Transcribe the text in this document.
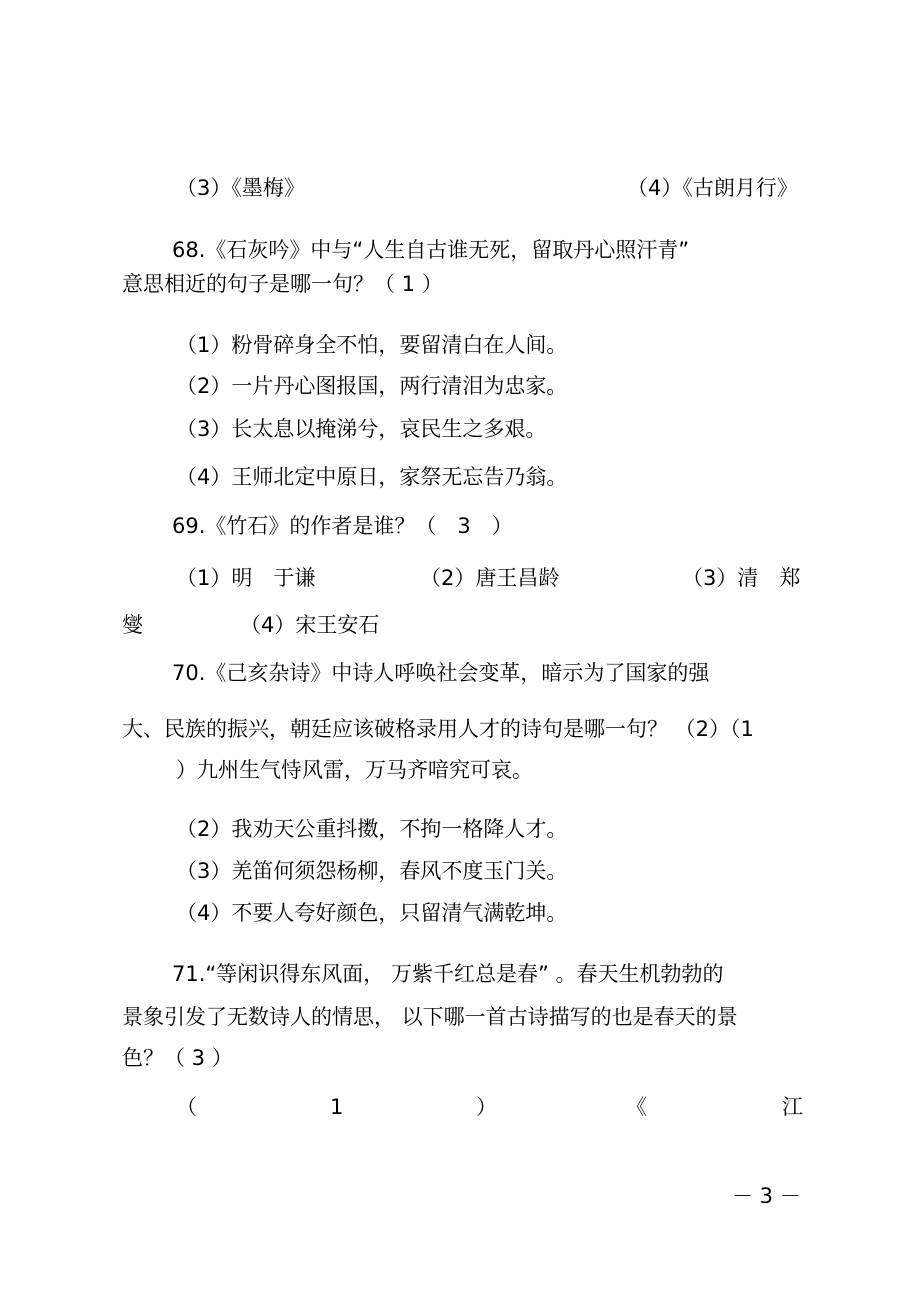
（3）《墨梅》	（4）《古朗月行》
68.《石灰吟》中与“人生自古谁无死，留取丹心照汗青”
意思相近的句子是哪一句？（ 1 ）
（1）粉骨碎身全不怕，要留清白在人间。
（2）一片丹心图报国，两行清泪为忠家。
（3）长太息以掩涕兮，哀民生之多艰。
（4）王师北定中原日，家祭无忘告乃翁。
69.《竹石》的作者是谁？（　3　）
（1）明　于谦	（2）唐王昌龄	（3）清　郑
燮	（4）宋王安石
70.《己亥杂诗》中诗人呼唤社会变革，暗示为了国家的强
大、民族的振兴，朝廷应该破格录用人才的诗句是哪一句？ （2）（1
）九州生气恃风雷，万马齐喑究可哀。
（2）我劝天公重抖擞，不拘一格降人才。
（3）羌笛何须怨杨柳，春风不度玉门关。
（4）不要人夸好颜色，只留清气满乾坤。
71.“等闲识得东风面， 万紫千红总是春” 。春天生机勃勃的
景象引发了无数诗人的情思， 以下哪一首古诗描写的也是春天的景
色？（ 3 ）
（	1	）	《	江
－ 3 －
